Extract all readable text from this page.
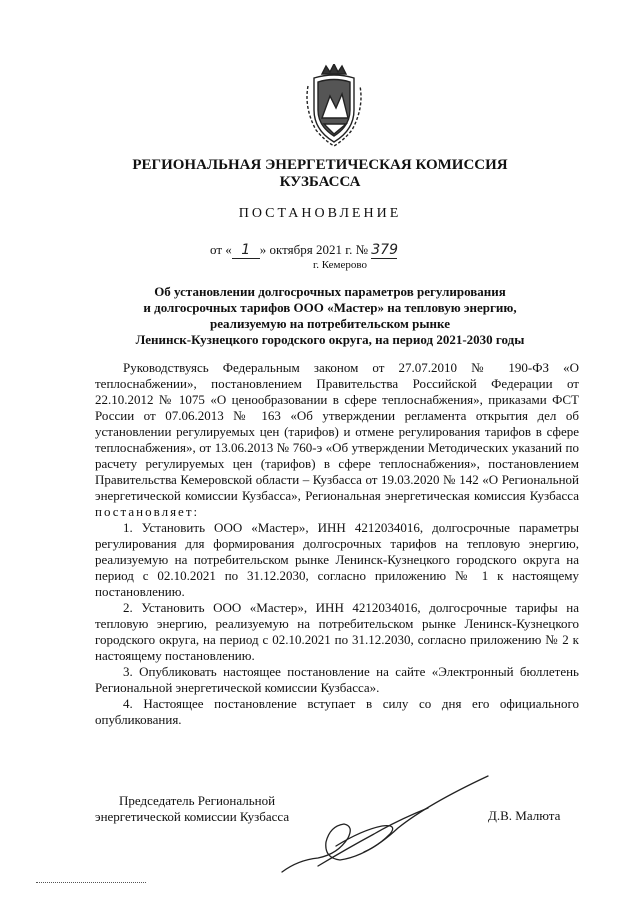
РЕГИОНАЛЬНАЯ ЭНЕРГЕТИЧЕСКАЯ КОМИССИЯ
КУЗБАССА
ПОСТАНОВЛЕНИЕ
от « 1 » октября 2021 г. № 379
г. Кемерово
Об установлении долгосрочных параметров регулирования
и долгосрочных тарифов ООО «Мастер» на тепловую энергию,
реализуемую на потребительском рынке
Ленинск-Кузнецкого городского округа, на период 2021-2030 годы

Руководствуясь Федеральным законом от 27.07.2010 № 190-ФЗ «О теплоснабжении», постановлением Правительства Российской Федерации от 22.10.2012 № 1075 «О ценообразовании в сфере теплоснабжения», приказами ФСТ России от 07.06.2013 № 163 «Об утверждении регламента открытия дел об установлении регулируемых цен (тарифов) и отмене регулирования тарифов в сфере теплоснабжения», от 13.06.2013 № 760-э «Об утверждении Методических указаний по расчету регулируемых цен (тарифов) в сфере теплоснабжения», постановлением Правительства Кемеровской области – Кузбасса от 19.03.2020 № 142 «О Региональной энергетической комиссии Кузбасса», Региональная энергетическая комиссия Кузбасса постановляет:

1. Установить ООО «Мастер», ИНН 4212034016, долгосрочные параметры регулирования для формирования долгосрочных тарифов на тепловую энергию, реализуемую на потребительском рынке Ленинск-Кузнецкого городского округа на период с 02.10.2021 по 31.12.2030, согласно приложению № 1 к настоящему постановлению.

2. Установить ООО «Мастер», ИНН 4212034016, долгосрочные тарифы на тепловую энергию, реализуемую на потребительском рынке Ленинск-Кузнецкого городского округа, на период с 02.10.2021 по 31.12.2030, согласно приложению № 2 к настоящему постановлению.

3. Опубликовать настоящее постановление на сайте «Электронный бюллетень Региональной энергетической комиссии Кузбасса».

4. Настоящее постановление вступает в силу со дня его официального опубликования.

Председатель Региональной
энергетической комиссии Кузбасса	Д.В. Малюта
